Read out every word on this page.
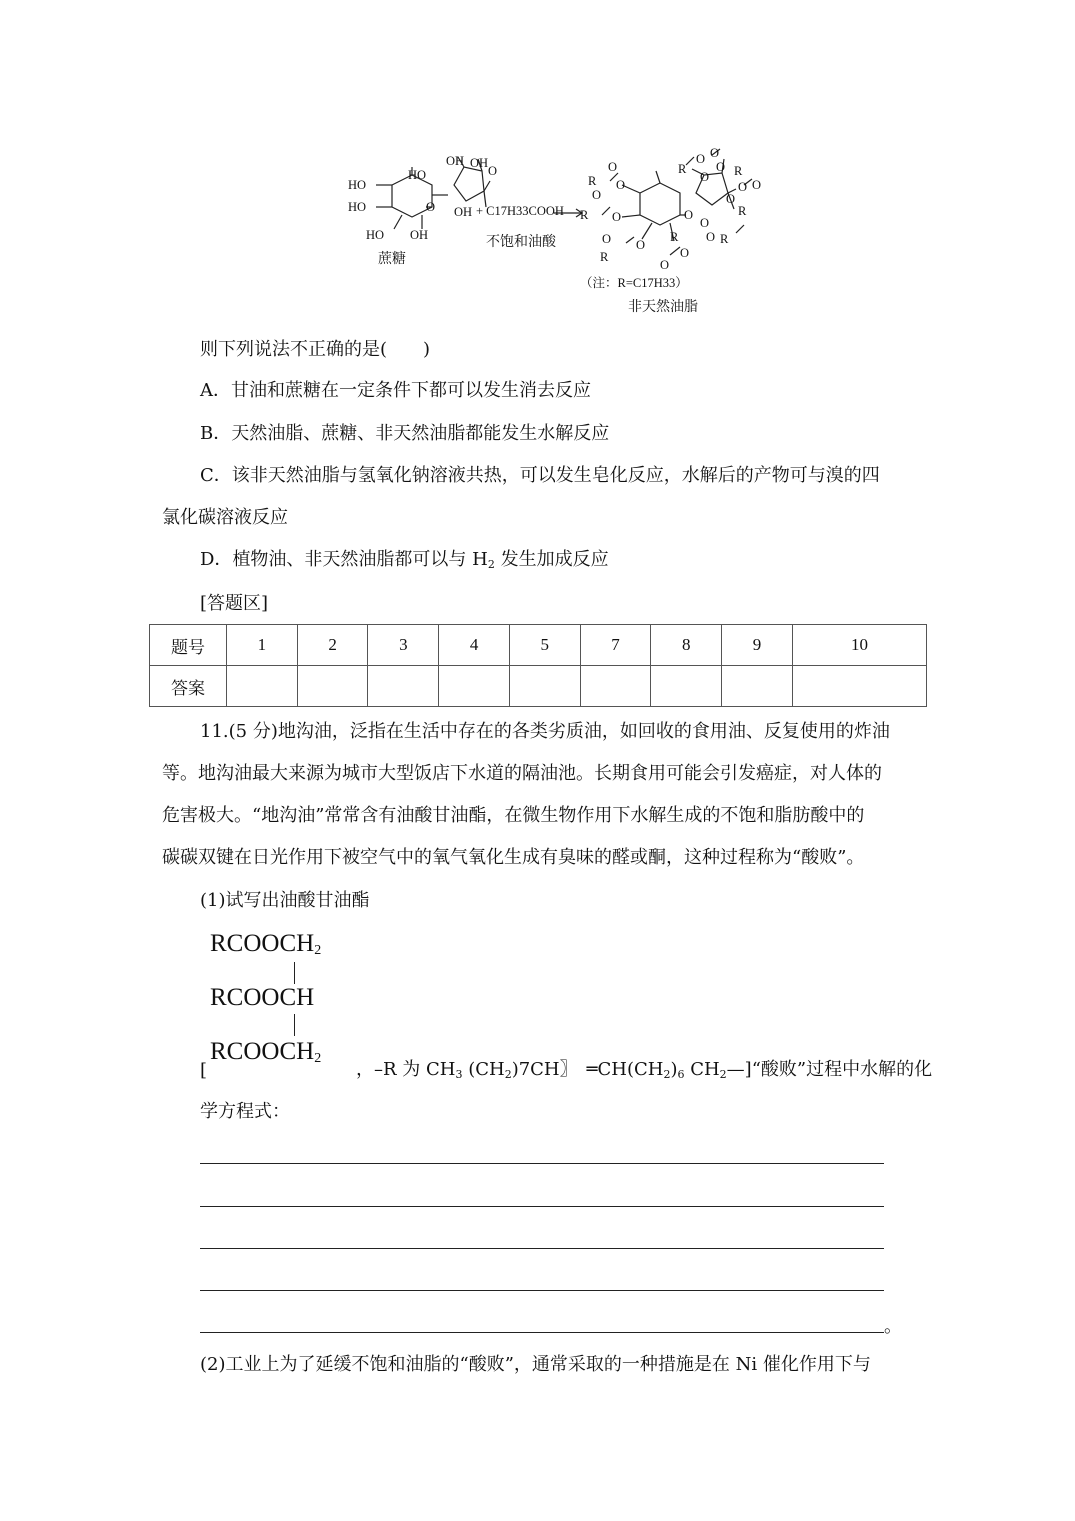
HO
HO
HO OH
HO
O
OH OH
O
OH
R
O
R
O
O
O
O
R
O
O
O
R
O
R
O
O
O
O R
O
O O
R
O
O
R
蔗糖
+ C17H33COOH
不饱和油酸
（注：R=C17H33）
非天然油脂
则下列说法不正确的是(　　)
A．甘油和蔗糖在一定条件下都可以发生消去反应
B．天然油脂、蔗糖、非天然油脂都能发生水解反应
C．该非天然油脂与氢氧化钠溶液共热，可以发生皂化反应，水解后的产物可与溴的四
氯化碳溶液反应
D．植物油、非天然油脂都可以与 $H_2$ 发生加成反应
[答题区]
题号	1	2	3	4	5	7	8	9	10
答案									
11.(5 分)地沟油，泛指在生活中存在的各类劣质油，如回收的食用油、反复使用的炸油
等。地沟油最大来源为城市大型饭店下水道的隔油池。长期食用可能会引发癌症，对人体的
危害极大。“地沟油”常常含有油酸甘油酯，在微生物作用下水解生成的不饱和脂肪酸中的
碳碳双键在日光作用下被空气中的氧气氧化生成有臭味的醛或酮，这种过程称为“酸败”。
(1)试写出油酸甘油酯
$RCOOCH_2$
RCOOCH
$RCOOCH_2$
[	，–R 为 $CH_3$ $(CH_2)7CH$〗　$═CH(CH_2)_6$ $CH_2—]“$酸败”过程中水解的化
学方程式：
。
(2)工业上为了延缓不饱和油脂的“酸败”，通常采取的一种措施是在 Ni 催化作用下与
